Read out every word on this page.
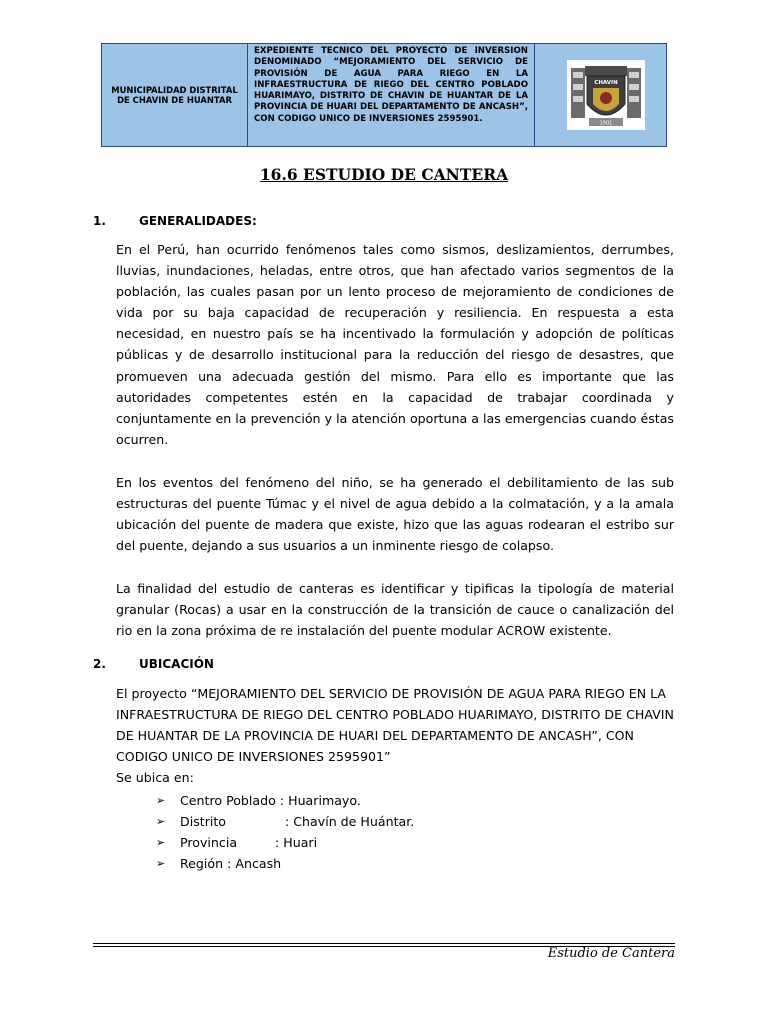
MUNICIPALIDAD DISTRITAL DE CHAVIN DE HUANTAR
EXPEDIENTE TECNICO DEL PROYECTO DE INVERSION DENOMINADO “MEJORAMIENTO DEL SERVICIO DE PROVISIÓN DE AGUA PARA RIEGO EN LA INFRAESTRUCTURA DE RIEGO DEL CENTRO POBLADO HUARIMAYO, DISTRITO DE CHAVIN DE HUANTAR DE LA PROVINCIA DE HUARI DEL DEPARTAMENTO DE ANCASH”, CON CODIGO UNICO DE INVERSIONES 2595901.
CHAVIN
1901
16.6 ESTUDIO DE CANTERA
1.	GENERALIDADES:
En el Perú, han ocurrido fenómenos tales como sismos, deslizamientos, derrumbes, lluvias, inundaciones, heladas, entre otros, que han afectado varios segmentos de la población, las cuales pasan por un lento proceso de mejoramiento de condiciones de vida por su baja capacidad de recuperación y resiliencia. En respuesta a esta necesidad, en nuestro país se ha incentivado la formulación y adopción de políticas públicas y de desarrollo institucional para la reducción del riesgo de desastres, que promueven una adecuada gestión del mismo. Para ello es importante que las autoridades competentes estén en la capacidad de trabajar coordinada y conjuntamente en la prevención y la atención oportuna a las emergencias cuando éstas ocurren.
En los eventos del fenómeno del niño, se ha generado el debilitamiento de las sub estructuras del puente Túmac y el nivel de agua debido a la colmatación, y a la amala ubicación del puente de madera que existe, hizo que las aguas rodearan el estribo sur del puente, dejando a sus usuarios a un inminente riesgo de colapso.
La finalidad del estudio de canteras es identificar y tipificas la tipología de material granular (Rocas) a usar en la construcción de la transición de cauce o canalización del rio en la zona próxima de re instalación del puente modular ACROW existente.
2.	UBICACIÓN
El proyecto “MEJORAMIENTO DEL SERVICIO DE PROVISIÓN DE AGUA PARA RIEGO EN LA INFRAESTRUCTURA DE RIEGO DEL CENTRO POBLADO HUARIMAYO, DISTRITO DE CHAVIN DE HUANTAR DE LA PROVINCIA DE HUARI DEL DEPARTAMENTO DE ANCASH”, CON CODIGO UNICO DE INVERSIONES 2595901”
Se ubica en:
➢	Centro Poblado
: Huarimayo.
➢	Distrito	: Chavín de Huántar.
➢	Provincia	: Huari
➢	Región
: Ancash
Estudio de Cantera
